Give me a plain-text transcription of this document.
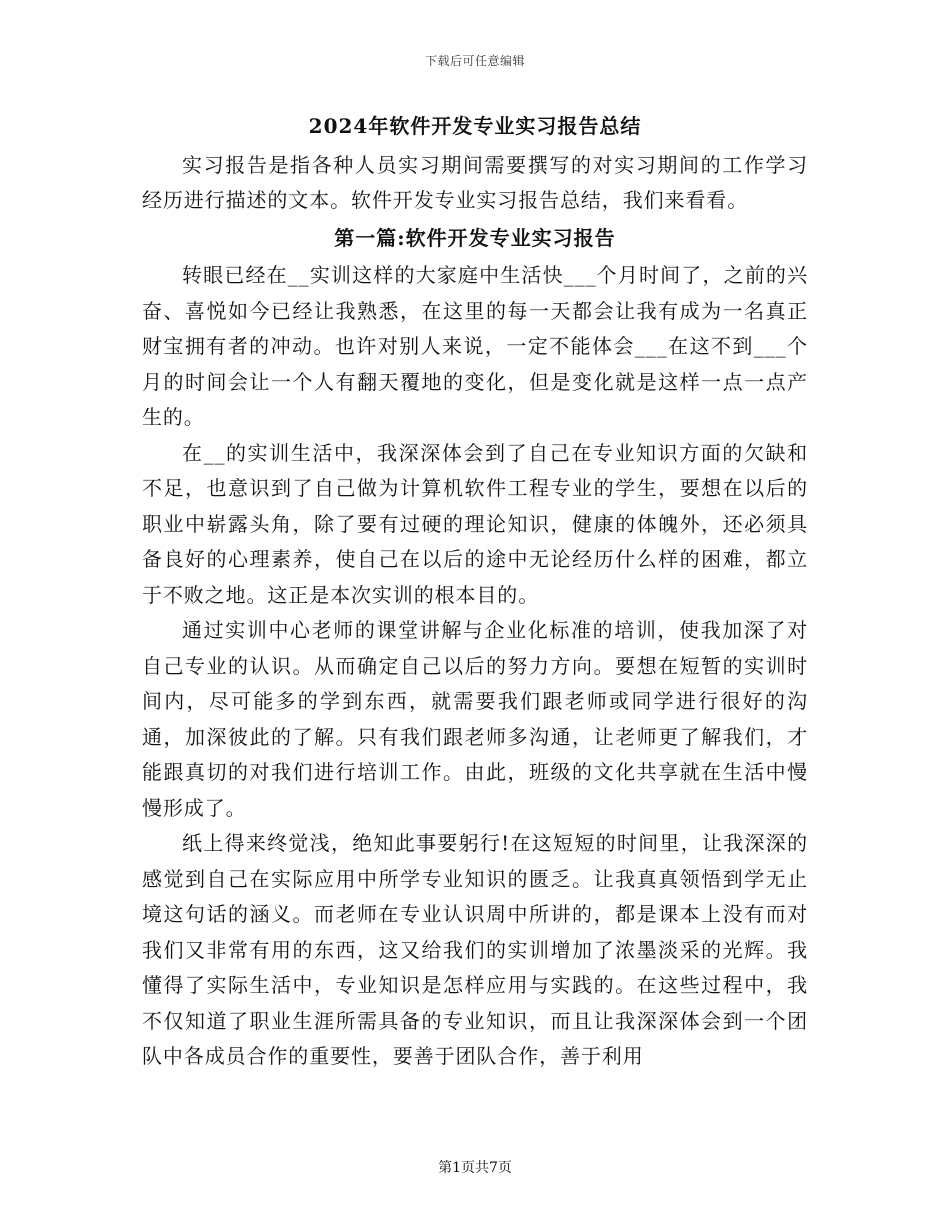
下载后可任意编辑
2024年软件开发专业实习报告总结

实习报告是指各种人员实习期间需要撰写的对实习期间的工作学习经历进行描述的文本。软件开发专业实习报告总结，我们来看看。

第一篇:软件开发专业实习报告

转眼已经在__实训这样的大家庭中生活快___个月时间了，之前的兴奋、喜悦如今已经让我熟悉，在这里的每一天都会让我有成为一名真正财宝拥有者的冲动。也许对别人来说，一定不能体会___在这不到___个月的时间会让一个人有翻天覆地的变化，但是变化就是这样一点一点产生的。

在__的实训生活中，我深深体会到了自己在专业知识方面的欠缺和不足，也意识到了自己做为计算机软件工程专业的学生，要想在以后的职业中崭露头角，除了要有过硬的理论知识，健康的体魄外，还必须具备良好的心理素养，使自己在以后的途中无论经历什么样的困难，都立于不败之地。这正是本次实训的根本目的。

通过实训中心老师的课堂讲解与企业化标准的培训，使我加深了对自己专业的认识。从而确定自己以后的努力方向。要想在短暂的实训时间内，尽可能多的学到东西，就需要我们跟老师或同学进行很好的沟通，加深彼此的了解。只有我们跟老师多沟通，让老师更了解我们，才能跟真切的对我们进行培训工作。由此，班级的文化共享就在生活中慢慢形成了。

纸上得来终觉浅，绝知此事要躬行!在这短短的时间里，让我深深的感觉到自己在实际应用中所学专业知识的匮乏。让我真真领悟到学无止境这句话的涵义。而老师在专业认识周中所讲的，都是课本上没有而对我们又非常有用的东西，这又给我们的实训增加了浓墨淡采的光辉。我懂得了实际生活中，专业知识是怎样应用与实践的。在这些过程中，我不仅知道了职业生涯所需具备的专业知识，而且让我深深体会到一个团队中各成员合作的重要性，要善于团队合作，善于利用

第1页共7页
